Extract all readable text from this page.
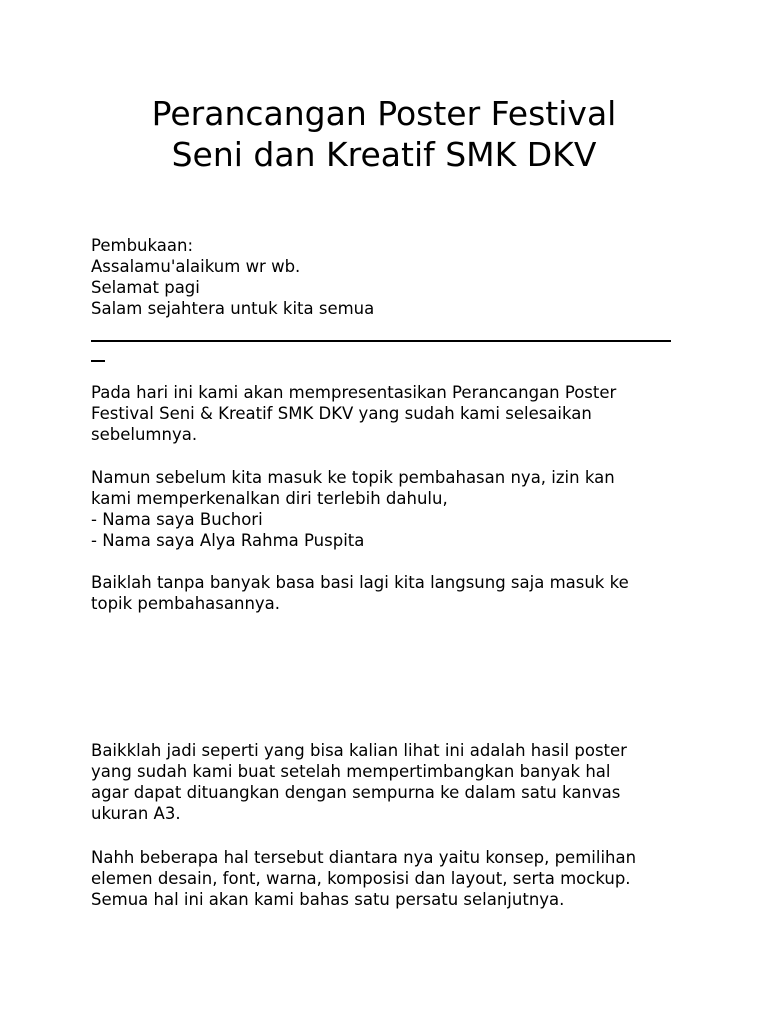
Perancangan Poster Festival
Seni dan Kreatif SMK DKV

Pembukaan:
Assalamu'alaikum wr wb.
Selamat pagi
Salam sejahtera untuk kita semua

Pada hari ini kami akan mempresentasikan Perancangan Poster
Festival Seni & Kreatif SMK DKV yang sudah kami selesaikan
sebelumnya.

Namun sebelum kita masuk ke topik pembahasan nya, izin kan
kami memperkenalkan diri terlebih dahulu,
- Nama saya Buchori
- Nama saya Alya Rahma Puspita

Baiklah tanpa banyak basa basi lagi kita langsung saja masuk ke
topik pembahasannya.

Baikklah jadi seperti yang bisa kalian lihat ini adalah hasil poster
yang sudah kami buat setelah mempertimbangkan banyak hal
agar dapat dituangkan dengan sempurna ke dalam satu kanvas
ukuran A3.

Nahh beberapa hal tersebut diantara nya yaitu konsep, pemilihan
elemen desain, font, warna, komposisi dan layout, serta mockup.
Semua hal ini akan kami bahas satu persatu selanjutnya.
